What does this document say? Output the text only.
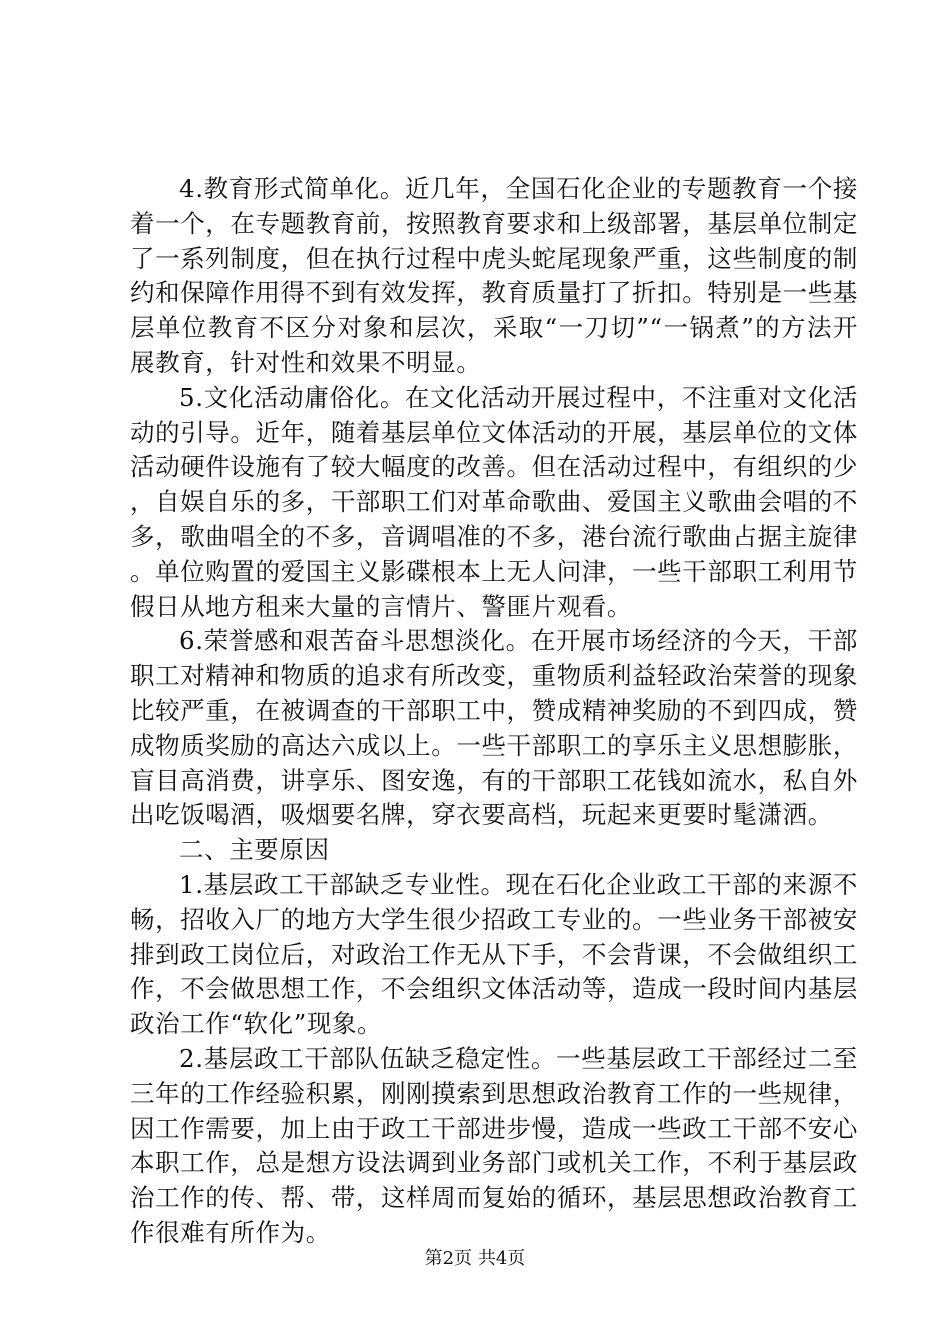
4.教育形式简单化。近几年，全国石化企业的专题教育一个接着一个，在专题教育前，按照教育要求和上级部署，基层单位制定了一系列制度，但在执行过程中虎头蛇尾现象严重，这些制度的制约和保障作用得不到有效发挥，教育质量打了折扣。特别是一些基层单位教育不区分对象和层次，采取“一刀切”“一锅煮”的方法开展教育，针对性和效果不明显。

5.文化活动庸俗化。在文化活动开展过程中，不注重对文化活动的引导。近年，随着基层单位文体活动的开展，基层单位的文体活动硬件设施有了较大幅度的改善。但在活动过程中，有组织的少，自娱自乐的多，干部职工们对革命歌曲、爱国主义歌曲会唱的不多，歌曲唱全的不多，音调唱准的不多，港台流行歌曲占据主旋律。单位购置的爱国主义影碟根本上无人问津，一些干部职工利用节假日从地方租来大量的言情片、警匪片观看。

6.荣誉感和艰苦奋斗思想淡化。在开展市场经济的今天，干部职工对精神和物质的追求有所改变，重物质利益轻政治荣誉的现象比较严重，在被调查的干部职工中，赞成精神奖励的不到四成，赞成物质奖励的高达六成以上。一些干部职工的享乐主义思想膨胀，盲目高消费，讲享乐、图安逸，有的干部职工花钱如流水，私自外出吃饭喝酒，吸烟要名牌，穿衣要高档，玩起来更要时髦潇洒。

二、主要原因

1.基层政工干部缺乏专业性。现在石化企业政工干部的来源不畅，招收入厂的地方大学生很少招政工专业的。一些业务干部被安排到政工岗位后，对政治工作无从下手，不会背课，不会做组织工作，不会做思想工作，不会组织文体活动等，造成一段时间内基层政治工作“软化”现象。

2.基层政工干部队伍缺乏稳定性。一些基层政工干部经过二至三年的工作经验积累，刚刚摸索到思想政治教育工作的一些规律，因工作需要，加上由于政工干部进步慢，造成一些政工干部不安心本职工作，总是想方设法调到业务部门或机关工作，不利于基层政治工作的传、帮、带，这样周而复始的循环，基层思想政治教育工作很难有所作为。

第2页 共4页
